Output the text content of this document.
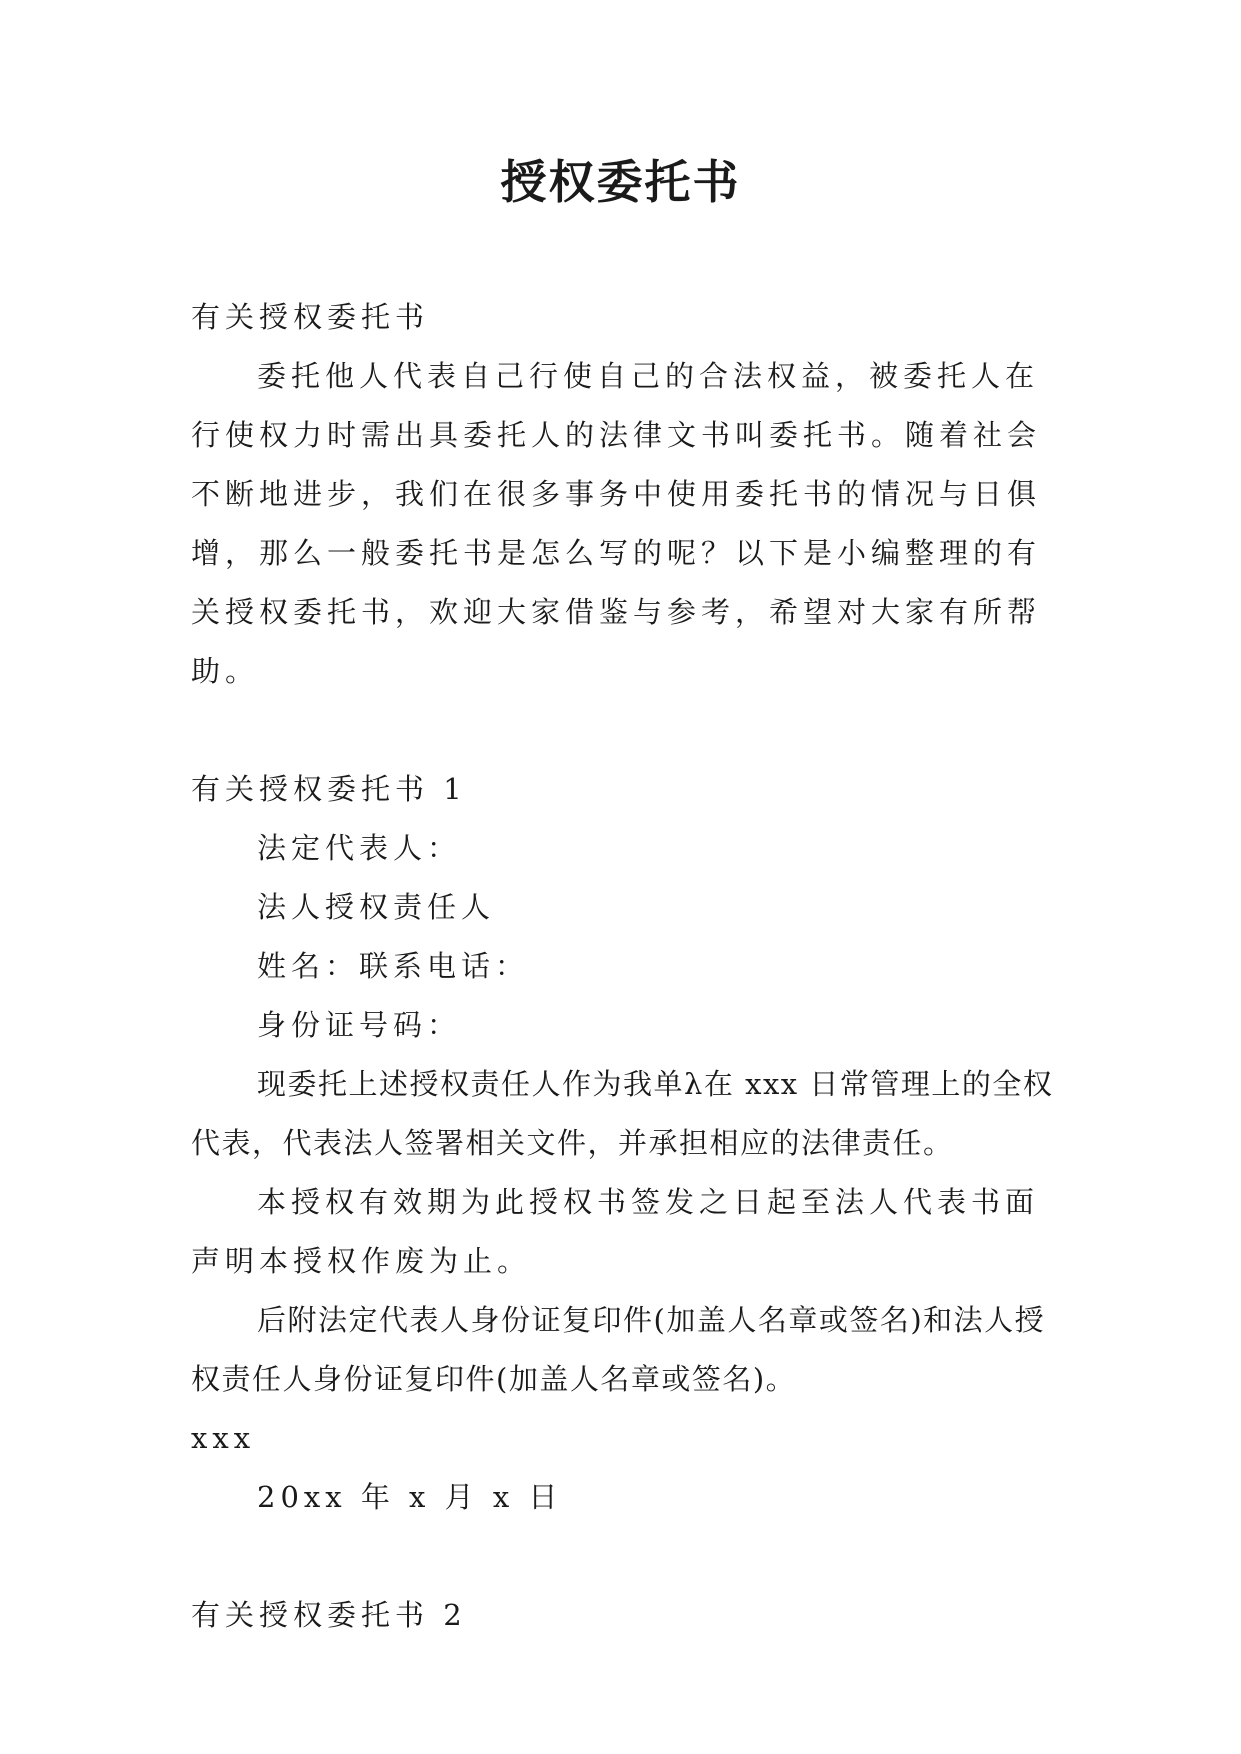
授权委托书

有关授权委托书

委托他人代表自己行使自己的合法权益，被委托人在行使权力时需出具委托人的法律文书叫委托书。随着社会不断地进步，我们在很多事务中使用委托书的情况与日俱增，那么一般委托书是怎么写的呢？以下是小编整理的有关授权委托书，欢迎大家借鉴与参考，希望对大家有所帮助。

有关授权委托书 1

法定代表人：

法人授权责任人

姓名：联系电话：

身份证号码：

现委托上述授权责任人作为我单λ在 xxx 日常管理上的全权代表，代表法人签署相关文件，并承担相应的法律责任。

本授权有效期为此授权书签发之日起至法人代表书面声明本授权作废为止。

后附法定代表人身份证复印件(加盖人名章或签名)和法人授权责任人身份证复印件(加盖人名章或签名)。

xxx

20xx 年 x 月 x 日

有关授权委托书 2
